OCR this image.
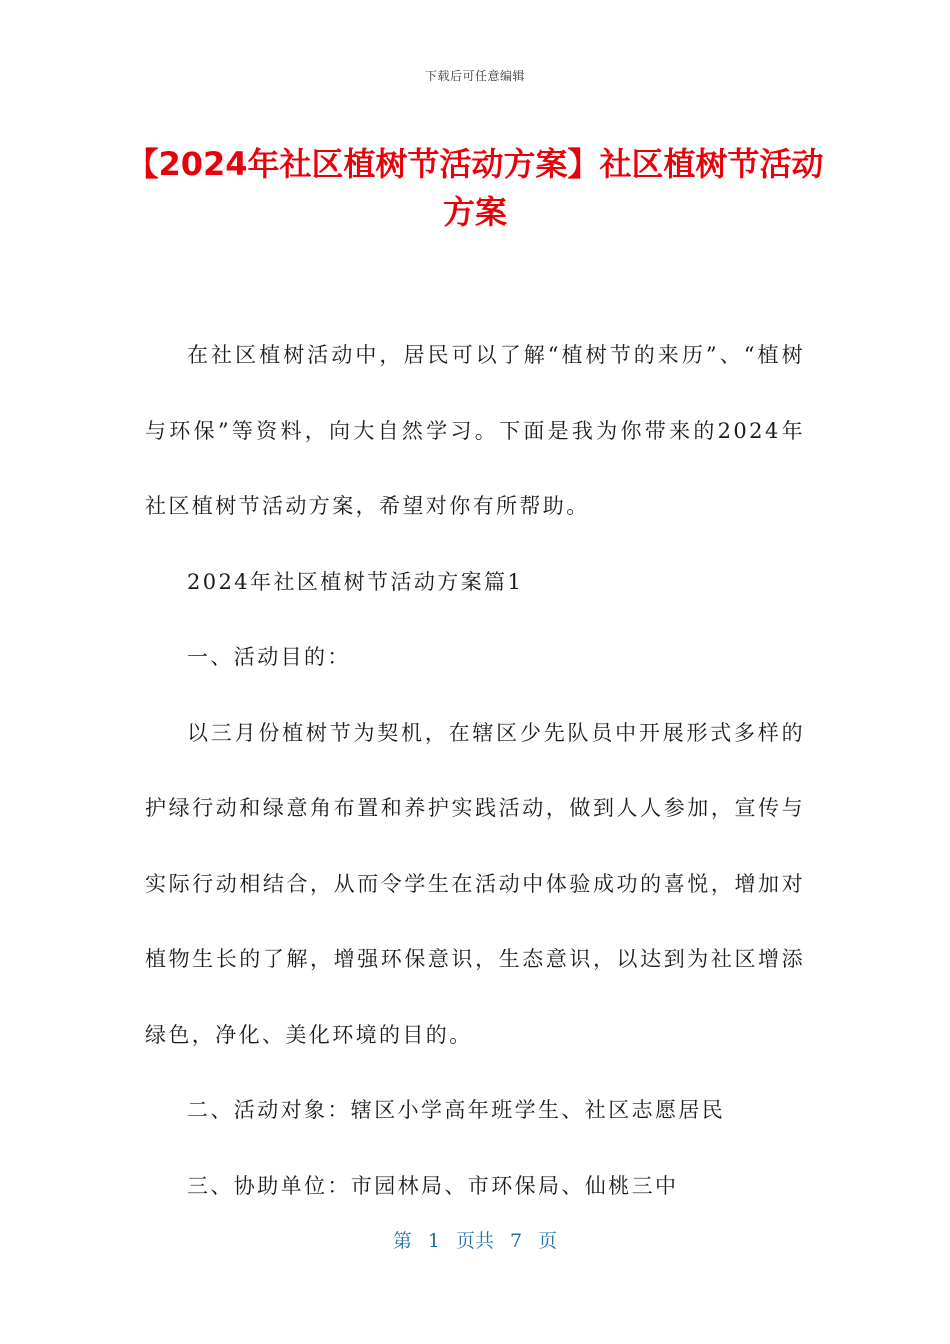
下载后可任意编辑
【2024年社区植树节活动方案】社区植树节活动方案

在社区植树活动中，居民可以了解“植树节的来历”、“植树与环保”等资料，向大自然学习。下面是我为你带来的2024年社区植树节活动方案，希望对你有所帮助。

2024年社区植树节活动方案篇1

一、活动目的：

以三月份植树节为契机，在辖区少先队员中开展形式多样的护绿行动和绿意角布置和养护实践活动，做到人人参加，宣传与实际行动相结合，从而令学生在活动中体验成功的喜悦，增加对植物生长的了解，增强环保意识，生态意识，以达到为社区增添绿色，净化、美化环境的目的。

二、活动对象：辖区小学高年班学生、社区志愿居民

三、协助单位：市园林局、市环保局、仙桃三中

第 1 页共 7 页
